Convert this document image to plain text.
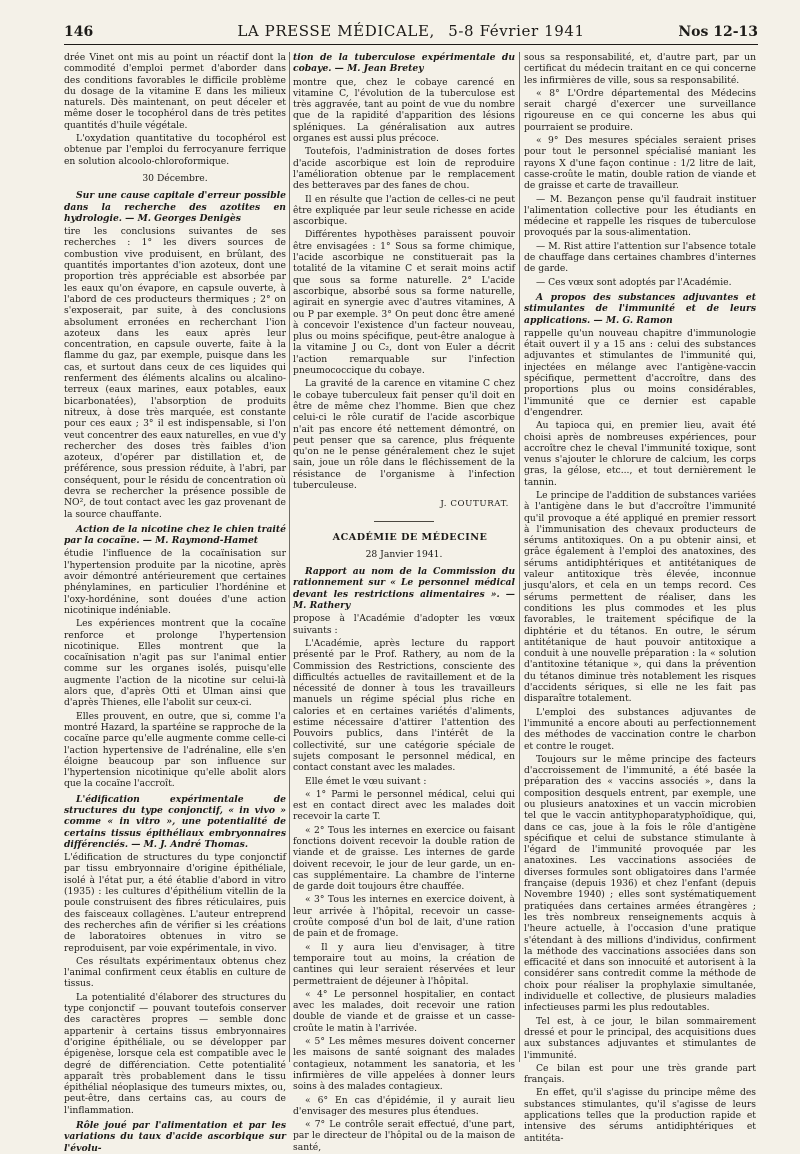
146	LA PRESSE MÉDICALE, 5-8 Février 1941	Nos 12-13

drée Vinet ont mis au point un réactif dont la commodité d'emploi permet d'aborder dans des conditions favorables le difficile problème du dosage de la vitamine E dans les milieux naturels. Dès maintenant, on peut déceler et même doser le tocophérol dans de très petites quantités d'huile végétale.

L'oxydation quantitative du tocophérol est obtenue par l'emploi du ferrocyanure ferrique en solution alcoolo-chloroformique.

30 Décembre.

Sur une cause capitale d'erreur possible dans la recherche des azotites en hydrologie. — M. Georges Denigès

tire les conclusions suivantes de ses recherches : 1° les divers sources de combustion vive produisent, en brûlant, des quantités importantes d'ion azoteux, dont une proportion très appréciable est absorbée par les eaux qu'on évapore, en capsule ouverte, à l'abord de ces producteurs thermiques ; 2° on s'exposerait, par suite, à des conclusions absolument erronées en recherchant l'ion azoteux dans les eaux après leur concentration, en capsule ouverte, faite à la flamme du gaz, par exemple, puisque dans les cas, et surtout dans ceux de ces liquides qui renferment des éléments alcalins ou alcalino-terreux (eaux marines, eaux potables, eaux bicarbonatées), l'absorption de produits nitreux, à dose très marquée, est constante pour ces eaux ; 3° il est indispensable, si l'on veut concentrer des eaux naturelles, en vue d'y rechercher des doses très faibles d'ion azoteux, d'opérer par distillation et, de préférence, sous pression réduite, à l'abri, par conséquent, pour le résidu de concentration où devra se rechercher la présence possible de NO², de tout contact avec les gaz provenant de la source chauffante.

Action de la nicotine chez le chien traité par la cocaïne. — M. Raymond-Hamet

étudie l'influence de la cocaïnisation sur l'hypertension produite par la nicotine, après avoir démontré antérieurement que certaines phénylamines, en particulier l'hordénine et l'oxy-hordénine, sont douées d'une action nicotinique indéniable.

Les expériences montrent que la cocaïne renforce et prolonge l'hypertension nicotinique. Elles montrent que la cocaïnisation n'agit pas sur l'animal entier comme sur les organes isolés, puisqu'elle augmente l'action de la nicotine sur celui-là alors que, d'après Otti et Ulman ainsi que d'après Thienes, elle l'abolit sur ceux-ci.

Elles prouvent, en outre, que si, comme l'a montré Hazard, la spartéine se rapproche de la cocaïne parce qu'elle augmente comme celle-ci l'action hypertensive de l'adrénaline, elle s'en éloigne beaucoup par son influence sur l'hypertension nicotinique qu'elle abolit alors que la cocaïne l'accroît.

L'édification expérimentale de structures du type conjonctif, « in vivo » comme « in vitro », une potentialité de certains tissus épithéliaux embryonnaires différenciés. — M. J. André Thomas.

L'édification de structures du type conjonctif par tissu embryonnaire d'origine épithéliale, isolé à l'état pur, a été établie d'abord in vitro (1935) : les cultures d'épithélium vitellin de la poule construisent des fibres réticulaires, puis des faisceaux collagènes. L'auteur entreprend des recherches afin de vérifier si les créations de laboratoires obtenues in vitro se reproduisent, par voie expérimentale, in vivo.

Ces résultats expérimentaux obtenus chez l'animal confirment ceux établis en culture de tissus.

La potentialité d'élaborer des structures du type conjonctif — pouvant toutefois conserver des caractères propres — semble donc appartenir à certains tissus embryonnaires d'origine épithéliale, ou se développer par épigenèse, lorsque cela est compatible avec le degré de différenciation. Cette potentialité apparaît très probablement dans le tissu épithélial néoplasique des tumeurs mixtes, ou, peut-être, dans certains cas, au cours de l'inflammation.

Rôle joué par l'alimentation et par les variations du taux d'acide ascorbique sur l'évolu-

tion de la tuberculose expérimentale du cobaye. — M. Jean Bretey

montre que, chez le cobaye carencé en vitamine C, l'évolution de la tuberculose est très aggravée, tant au point de vue du nombre que de la rapidité d'apparition des lésions spléniques. La généralisation aux autres organes est aussi plus précoce.

Toutefois, l'administration de doses fortes d'acide ascorbique est loin de reproduire l'amélioration obtenue par le remplacement des betteraves par des fanes de chou.

Il en résulte que l'action de celles-ci ne peut être expliquée par leur seule richesse en acide ascorbique.

Différentes hypothèses paraissent pouvoir être envisagées : 1° Sous sa forme chimique, l'acide ascorbique ne constituerait pas la totalité de la vitamine C et serait moins actif que sous sa forme naturelle. 2° L'acide ascorbique, absorbé sous sa forme naturelle, agirait en synergie avec d'autres vitamines, A ou P par exemple. 3° On peut donc être amené à concevoir l'existence d'un facteur nouveau, plus ou moins spécifique, peut-être analogue à la vitamine J ou C₂, dont von Euler a décrit l'action remarquable sur l'infection pneumococcique du cobaye.

La gravité de la carence en vitamine C chez le cobaye tuberculeux fait penser qu'il doit en être de même chez l'homme. Bien que chez celui-ci le rôle curatif de l'acide ascorbique n'ait pas encore été nettement démontré, on peut penser que sa carence, plus fréquente qu'on ne le pense généralement chez le sujet sain, joue un rôle dans le fléchissement de la résistance de l'organisme à l'infection tuberculeuse.

J. COUTURAT.

ACADÉMIE DE MÉDECINE

28 Janvier 1941.

Rapport au nom de la Commission du rationnement sur « Le personnel médical devant les restrictions alimentaires ». — M. Rathery

propose à l'Académie d'adopter les vœux suivants :

L'Académie, après lecture du rapport présenté par le Prof. Rathery, au nom de la Commission des Restrictions, consciente des difficultés actuelles de ravitaillement et de la nécessité de donner à tous les travailleurs manuels un régime spécial plus riche en calories et en certaines variétés d'aliments, estime nécessaire d'attirer l'attention des Pouvoirs publics, dans l'intérêt de la collectivité, sur une catégorie spéciale de sujets composant le personnel médical, en contact constant avec les malades.

Elle émet le vœu suivant :

« 1° Parmi le personnel médical, celui qui est en contact direct avec les malades doit recevoir la carte T.

« 2° Tous les internes en exercice ou faisant fonctions doivent recevoir la double ration de viande et de graisse. Les internes de garde doivent recevoir, le jour de leur garde, un en-cas supplémentaire. La chambre de l'interne de garde doit toujours être chauffée.

« 3° Tous les internes en exercice doivent, à leur arrivée à l'hôpital, recevoir un casse-croûte composé d'un bol de lait, d'une ration de pain et de fromage.

« Il y aura lieu d'envisager, à titre temporaire tout au moins, la création de cantines qui leur seraient réservées et leur permettraient de déjeuner à l'hôpital.

« 4° Le personnel hospitalier, en contact avec les malades, doit recevoir une ration double de viande et de graisse et un casse-croûte le matin à l'arrivée.

« 5° Les mêmes mesures doivent concerner les maisons de santé soignant des malades contagieux, notamment les sanatoria, et les infirmières de ville appelées à donner leurs soins à des malades contagieux.

« 6° En cas d'épidémie, il y aurait lieu d'envisager des mesures plus étendues.

« 7° Le contrôle serait effectué, d'une part, par le directeur de l'hôpital ou de la maison de santé,

sous sa responsabilité, et, d'autre part, par un certificat du médecin traitant en ce qui concerne les infirmières de ville, sous sa responsabilité.

« 8° L'Ordre départemental des Médecins serait chargé d'exercer une surveillance rigoureuse en ce qui concerne les abus qui pourraient se produire.

« 9° Des mesures spéciales seraient prises pour tout le personnel spécialisé maniant les rayons X d'une façon continue : 1/2 litre de lait, casse-croûte le matin, double ration de viande et de graisse et carte de travailleur.

— M. Bezançon pense qu'il faudrait instituer l'alimentation collective pour les étudiants en médecine et rappelle les risques de tuberculose provoqués par la sous-alimentation.

— M. Rist attire l'attention sur l'absence totale de chauffage dans certaines chambres d'internes de garde.

— Ces vœux sont adoptés par l'Académie.

A propos des substances adjuvantes et stimulantes de l'immunité et de leurs applications. — M. G. Ramon

rappelle qu'un nouveau chapitre d'immunologie était ouvert il y a 15 ans : celui des substances adjuvantes et stimulantes de l'immunité qui, injectées en mélange avec l'antigène-vaccin spécifique, permettent d'accroître, dans des proportions plus ou moins considérables, l'immunité que ce dernier est capable d'engendrer.

Au tapioca qui, en premier lieu, avait été choisi après de nombreuses expériences, pour accroître chez le cheval l'immunité toxique, sont venus s'ajouter le chlorure de calcium, les corps gras, la gélose, etc..., et tout dernièrement le tannin.

Le principe de l'addition de substances variées à l'antigène dans le but d'accroître l'immunité qu'il provoque a été appliqué en premier ressort à l'immunisation des chevaux producteurs de sérums antitoxiques. On a pu obtenir ainsi, et grâce également à l'emploi des anatoxines, des sérums antidiphtériques et antitétaniques de valeur antitoxique très élevée, inconnue jusqu'alors, et cela en un temps record. Ces sérums permettent de réaliser, dans les conditions les plus commodes et les plus favorables, le traitement spécifique de la diphtérie et du tétanos. En outre, le sérum antitétanique de haut pouvoir antitoxique a conduit à une nouvelle préparation : la « solution d'antitoxine tétanique », qui dans la prévention du tétanos diminue très notablement les risques d'accidents sériques, si elle ne les fait pas disparaître totalement.

L'emploi des substances adjuvantes de l'immunité a encore abouti au perfectionnement des méthodes de vaccination contre le charbon et contre le rouget.

Toujours sur le même principe des facteurs d'accroissement de l'immunité, a été basée la préparation des « vaccins associés », dans la composition desquels entrent, par exemple, une ou plusieurs anatoxines et un vaccin microbien tel que le vaccin antityphoparatyphoïdique, qui, dans ce cas, joue à la fois le rôle d'antigène spécifique et celui de substance stimulante à l'égard de l'immunité provoquée par les anatoxines. Les vaccinations associées de diverses formules sont obligatoires dans l'armée française (depuis 1936) et chez l'enfant (depuis Novembre 1940) ; elles sont systématiquement pratiquées dans certaines armées étrangères ; les très nombreux renseignements acquis à l'heure actuelle, à l'occasion d'une pratique s'étendant à des millions d'individus, confirment la méthode des vaccinations associées dans son efficacité et dans son innocuité et autorisent à la considérer sans contredit comme la méthode de choix pour réaliser la prophylaxie simultanée, individuelle et collective, de plusieurs maladies infectieuses parmi les plus redoutables.

Tel est, à ce jour, le bilan sommairement dressé et pour le principal, des acquisitions dues aux substances adjuvantes et stimulantes de l'immunité.

Ce bilan est pour une très grande part français.

En effet, qu'il s'agisse du principe même des substances stimulantes, qu'il s'agisse de leurs applications telles que la production rapide et intensive des sérums antidiphtériques et antitéta-
